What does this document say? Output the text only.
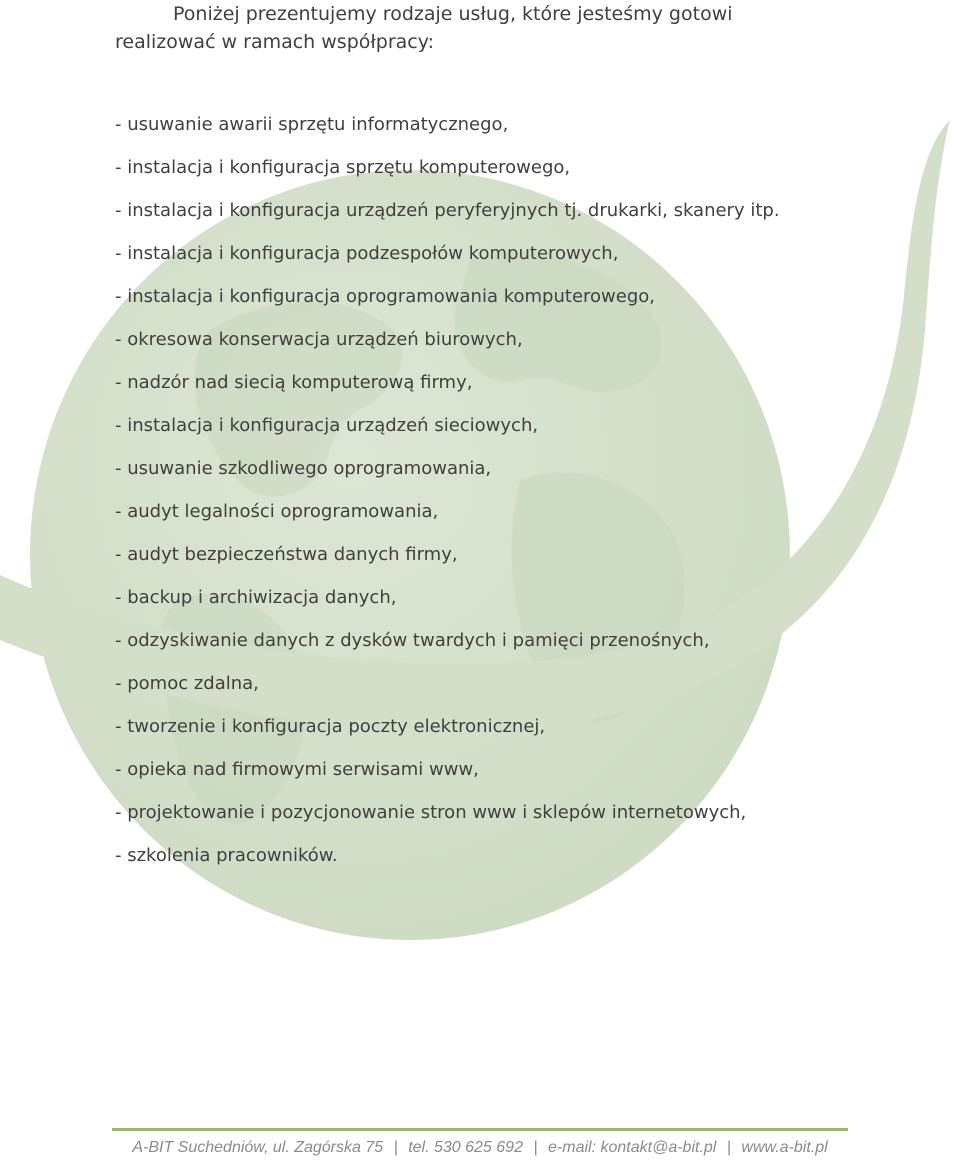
Poniżej prezentujemy rodzaje usług, które jesteśmy gotowi
realizować w ramach współpracy:

- usuwanie awarii sprzętu informatycznego,
- instalacja i konfiguracja sprzętu komputerowego,
- instalacja i konfiguracja urządzeń peryferyjnych tj. drukarki, skanery itp.
- instalacja i konfiguracja podzespołów komputerowych,
- instalacja i konfiguracja oprogramowania komputerowego,
- okresowa konserwacja urządzeń biurowych,
- nadzór nad siecią komputerową firmy,
- instalacja i konfiguracja urządzeń sieciowych,
- usuwanie szkodliwego oprogramowania,
- audyt legalności oprogramowania,
- audyt bezpieczeństwa danych firmy,
- backup i archiwizacja danych,
- odzyskiwanie danych z dysków twardych i pamięci przenośnych,
- pomoc zdalna,
- tworzenie i konfiguracja poczty elektronicznej,
- opieka nad firmowymi serwisami www,
- projektowanie i pozycjonowanie stron www i sklepów internetowych,
- szkolenia pracowników.
A-BIT Suchedniów, ul. Zagórska 75 | tel. 530 625 692 | e-mail: kontakt@a-bit.pl | www.a-bit.pl
